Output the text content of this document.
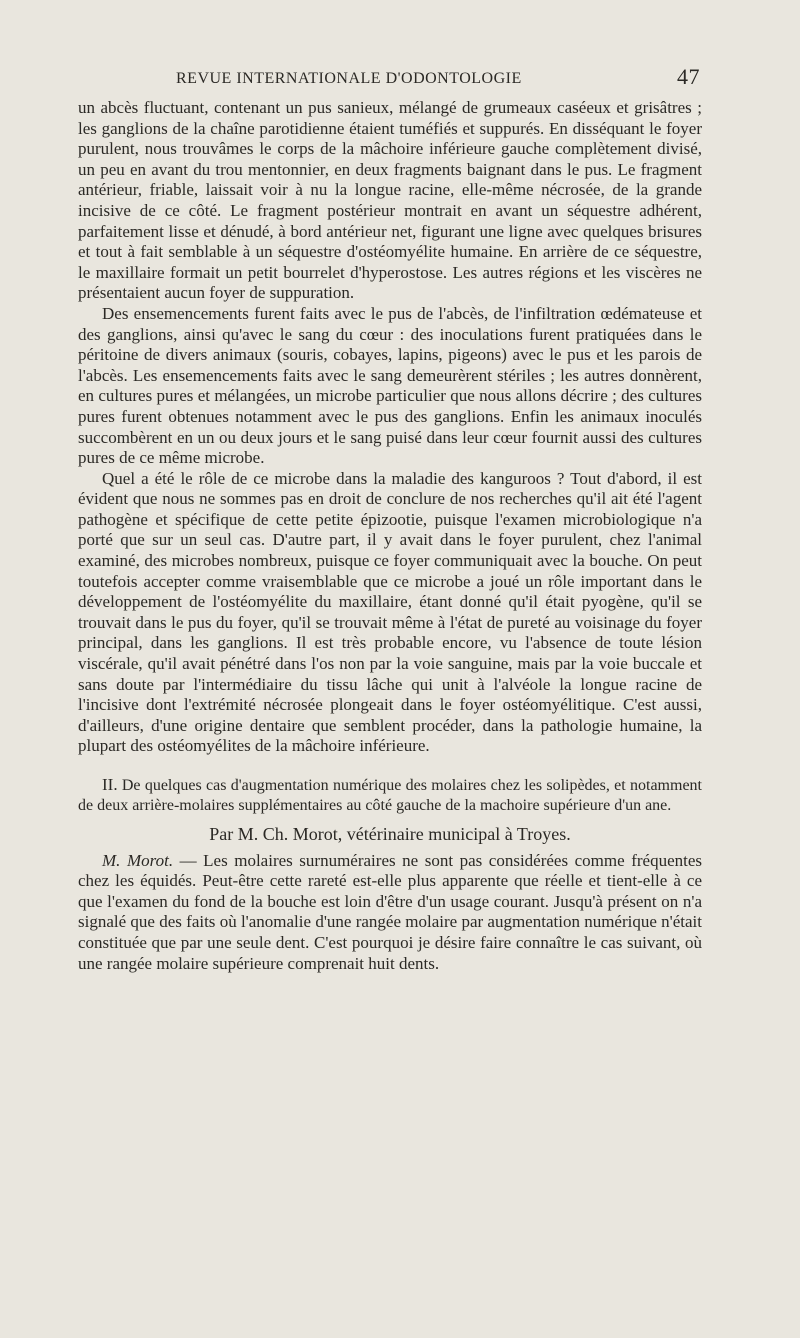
REVUE INTERNATIONALE D'ODONTOLOGIE	47

un abcès fluctuant, contenant un pus sanieux, mélangé de grumeaux caséeux et grisâtres ; les ganglions de la chaîne parotidienne étaient tuméfiés et suppurés. En disséquant le foyer purulent, nous trouvâmes le corps de la mâchoire inférieure gauche complètement divisé, un peu en avant du trou mentonnier, en deux fragments baignant dans le pus. Le fragment antérieur, friable, laissait voir à nu la longue racine, elle-même nécrosée, de la grande incisive de ce côté. Le fragment postérieur montrait en avant un séquestre adhérent, parfaitement lisse et dénudé, à bord antérieur net, figurant une ligne avec quelques brisures et tout à fait semblable à un séquestre d'ostéomyélite humaine. En arrière de ce séquestre, le maxillaire formait un petit bourrelet d'hyperostose. Les autres régions et les viscères ne présentaient aucun foyer de suppuration.

Des ensemencements furent faits avec le pus de l'abcès, de l'infiltration œdémateuse et des ganglions, ainsi qu'avec le sang du cœur : des inoculations furent pratiquées dans le péritoine de divers animaux (souris, cobayes, lapins, pigeons) avec le pus et les parois de l'abcès. Les ensemencements faits avec le sang demeurèrent stériles ; les autres donnèrent, en cultures pures et mélangées, un microbe particulier que nous allons décrire ; des cultures pures furent obtenues notamment avec le pus des ganglions. Enfin les animaux inoculés succombèrent en un ou deux jours et le sang puisé dans leur cœur fournit aussi des cultures pures de ce même microbe.

Quel a été le rôle de ce microbe dans la maladie des kanguroos ? Tout d'abord, il est évident que nous ne sommes pas en droit de conclure de nos recherches qu'il ait été l'agent pathogène et spécifique de cette petite épizootie, puisque l'examen microbiologique n'a porté que sur un seul cas. D'autre part, il y avait dans le foyer purulent, chez l'animal examiné, des microbes nombreux, puisque ce foyer communiquait avec la bouche. On peut toutefois accepter comme vraisemblable que ce microbe a joué un rôle important dans le développement de l'ostéomyélite du maxillaire, étant donné qu'il était pyogène, qu'il se trouvait dans le pus du foyer, qu'il se trouvait même à l'état de pureté au voisinage du foyer principal, dans les ganglions. Il est très probable encore, vu l'absence de toute lésion viscérale, qu'il avait pénétré dans l'os non par la voie sanguine, mais par la voie buccale et sans doute par l'intermédiaire du tissu lâche qui unit à l'alvéole la longue racine de l'incisive dont l'extrémité nécrosée plongeait dans le foyer ostéomyélitique. C'est aussi, d'ailleurs, d'une origine dentaire que semblent procéder, dans la pathologie humaine, la plupart des ostéomyélites de la mâchoire inférieure.

II. De quelques cas d'augmentation numérique des molaires chez les solipèdes, et notamment de deux arrière-molaires supplémentaires au côté gauche de la machoire supérieure d'un ane.

Par M. Ch. Morot, vétérinaire municipal à Troyes.

M. Morot. — Les molaires surnuméraires ne sont pas considérées comme fréquentes chez les équidés. Peut-être cette rareté est-elle plus apparente que réelle et tient-elle à ce que l'examen du fond de la bouche est loin d'être d'un usage courant. Jusqu'à présent on n'a signalé que des faits où l'anomalie d'une rangée molaire par augmentation numérique n'était constituée que par une seule dent. C'est pourquoi je désire faire connaître le cas suivant, où une rangée molaire supérieure comprenait huit dents.
